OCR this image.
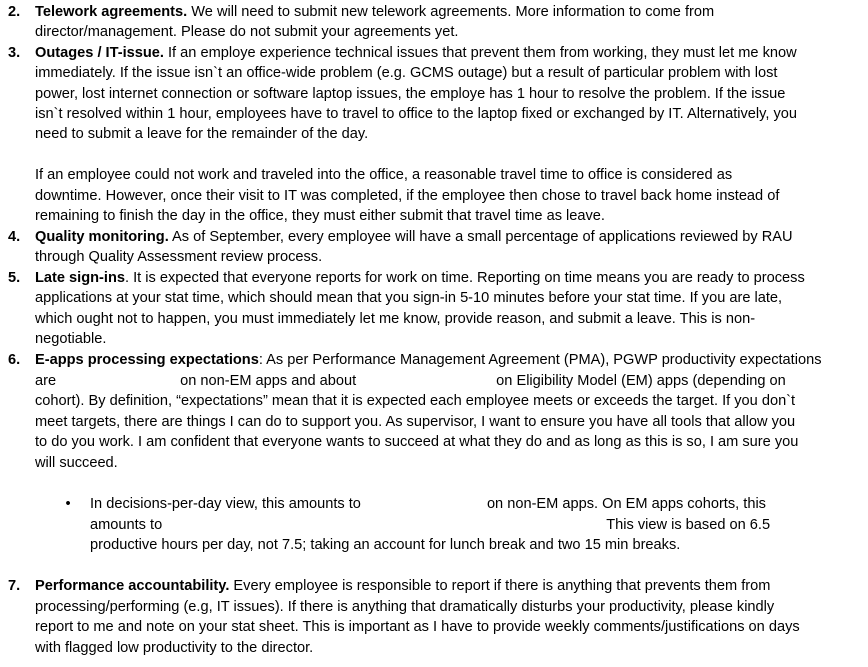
2.	Telework agreements. We will need to submit new telework agreements. More information to come from
director/management. Please do not submit your agreements yet.
3.	Outages / IT-issue. If an employe experience technical issues that prevent them from working, they must let me know
immediately. If the issue isn`t an office-wide problem (e.g. GCMS outage) but a result of particular problem with lost
power, lost internet connection or software laptop issues, the employe has 1 hour to resolve the problem. If the issue
isn`t resolved within 1 hour, employees have to travel to office to the laptop fixed or exchanged by IT. Alternatively, you
need to submit a leave for the remainder of the day.
If an employee could not work and traveled into the office, a reasonable travel time to office is considered as
downtime. However, once their visit to IT was completed, if the employee then chose to travel back home instead of
remaining to finish the day in the office, they must either submit that travel time as leave.
4.	Quality monitoring. As of September, every employee will have a small percentage of applications reviewed by RAU
through Quality Assessment review process.
5.	Late sign-ins. It is expected that everyone reports for work on time. Reporting on time means you are ready to process
applications at your stat time, which should mean that you sign-in 5-10 minutes before your stat time. If you are late,
which ought not to happen, you must immediately let me know, provide reason, and submit a leave. This is non-
negotiable.
6.	E-apps processing expectations: As per Performance Management Agreement (PMA), PGWP productivity expectations
are	on non-EM apps and about	on Eligibility Model (EM) apps (depending on
cohort). By definition, “expectations” mean that it is expected each employee meets or exceeds the target. If you don`t
meet targets, there are things I can do to support you. As supervisor, I want to ensure you have all tools that allow you
to do you work. I am confident that everyone wants to succeed at what they do and as long as this is so, I am sure you
will succeed.
• In decisions-per-day view, this amounts to	on non-EM apps. On EM apps cohorts, this
amounts to	This view is based on 6.5
productive hours per day, not 7.5; taking an account for lunch break and two 15 min breaks.
7.	Performance accountability. Every employee is responsible to report if there is anything that prevents them from
processing/performing (e.g, IT issues). If there is anything that dramatically disturbs your productivity, please kindly
report to me and note on your stat sheet. This is important as I have to provide weekly comments/justifications on days
with flagged low productivity to the director.
